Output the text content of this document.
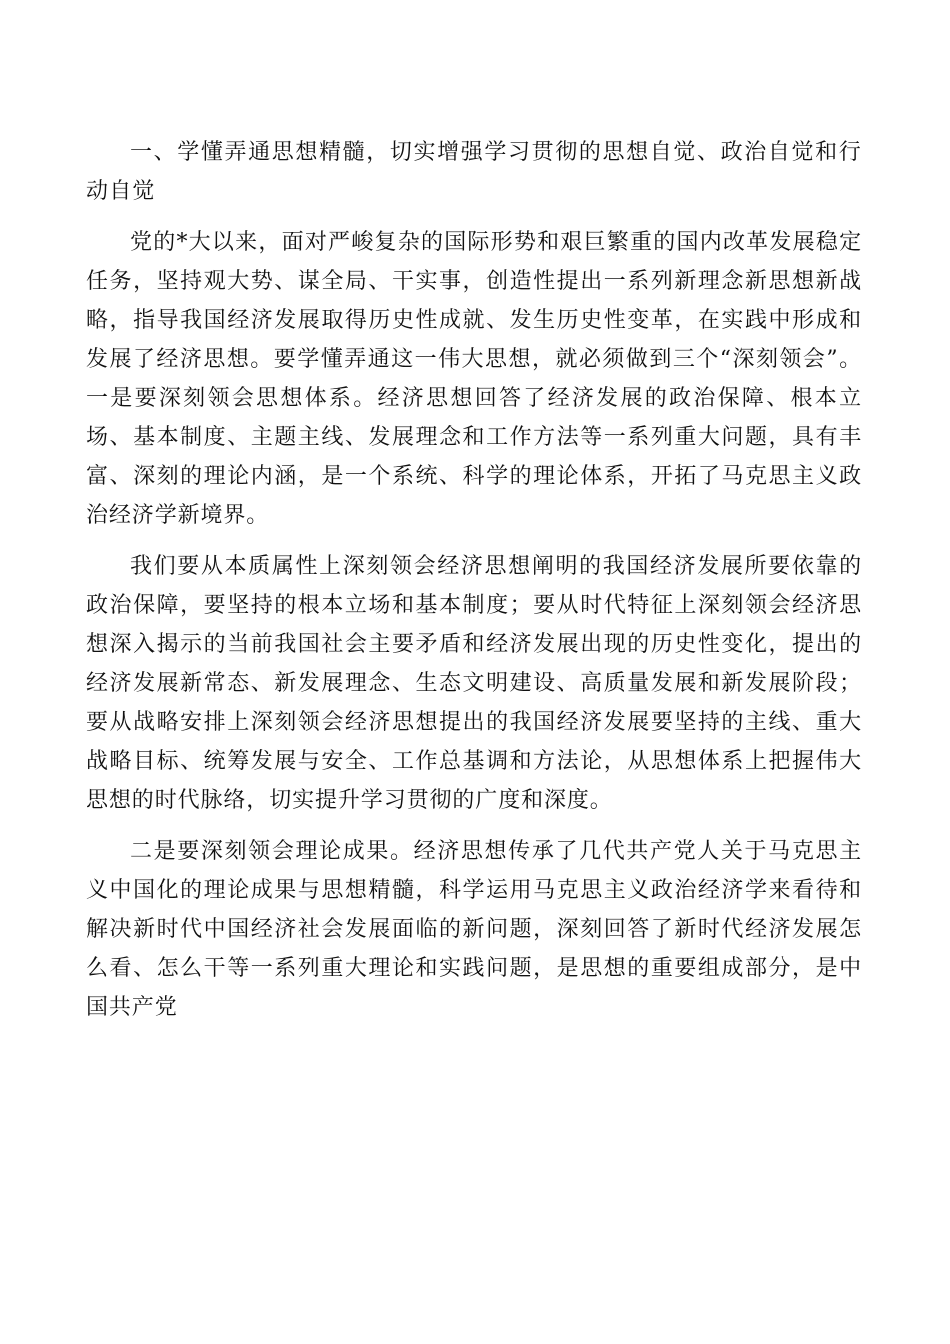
一、学懂弄通思想精髓，切实增强学习贯彻的思想自觉、政治自觉和行动自觉

党的*大以来，面对严峻复杂的国际形势和艰巨繁重的国内改革发展稳定任务，坚持观大势、谋全局、干实事，创造性提出一系列新理念新思想新战略，指导我国经济发展取得历史性成就、发生历史性变革，在实践中形成和发展了经济思想。要学懂弄通这一伟大思想，就必须做到三个“深刻领会”。一是要深刻领会思想体系。经济思想回答了经济发展的政治保障、根本立场、基本制度、主题主线、发展理念和工作方法等一系列重大问题，具有丰富、深刻的理论内涵，是一个系统、科学的理论体系，开拓了马克思主义政治经济学新境界。

我们要从本质属性上深刻领会经济思想阐明的我国经济发展所要依靠的政治保障，要坚持的根本立场和基本制度；要从时代特征上深刻领会经济思想深入揭示的当前我国社会主要矛盾和经济发展出现的历史性变化，提出的经济发展新常态、新发展理念、生态文明建设、高质量发展和新发展阶段；要从战略安排上深刻领会经济思想提出的我国经济发展要坚持的主线、重大战略目标、统筹发展与安全、工作总基调和方法论，从思想体系上把握伟大思想的时代脉络，切实提升学习贯彻的广度和深度。

二是要深刻领会理论成果。经济思想传承了几代共产党人关于马克思主义中国化的理论成果与思想精髓，科学运用马克思主义政治经济学来看待和解决新时代中国经济社会发展面临的新问题，深刻回答了新时代经济发展怎么看、怎么干等一系列重大理论和实践问题，是思想的重要组成部分，是中国共产党
